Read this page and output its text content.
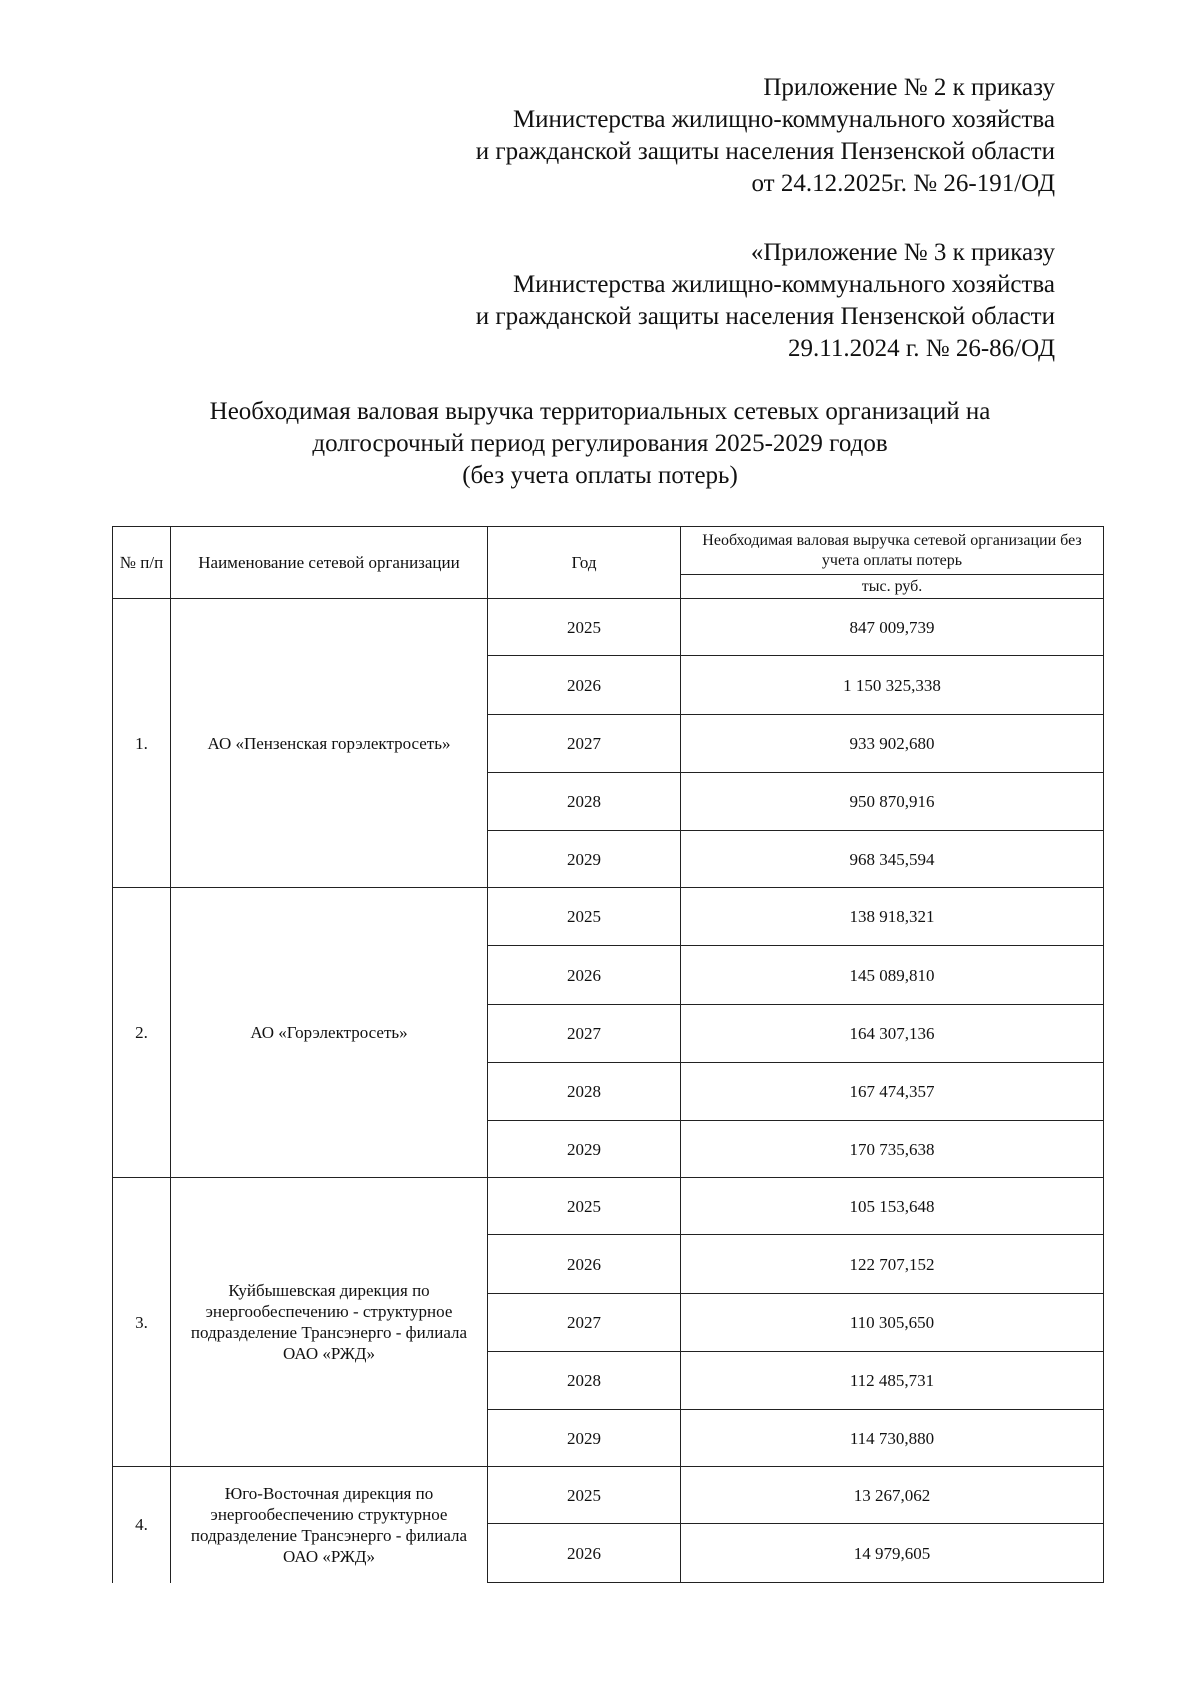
Приложение № 2 к приказу
Министерства жилищно-коммунального хозяйства
и гражданской защиты населения Пензенской области
от 24.12.2025г. № 26-191/ОД
«Приложение № 3 к приказу
Министерства жилищно-коммунального хозяйства
и гражданской защиты населения Пензенской области
29.11.2024 г. № 26-86/ОД
Необходимая валовая выручка территориальных сетевых организаций на
долгосрочный период регулирования 2025-2029 годов
(без учета оплаты потерь)
№ п/п	Наименование сетевой организации	Год	Необходимая валовая выручка сетевой организации без учета оплаты потерь
			тыс. руб.
1.	АО «Пензенская горэлектросеть»	2025	847 009,739
		2026	1 150 325,338
		2027	933 902,680
		2028	950 870,916
		2029	968 345,594
2.	АО «Горэлектросеть»	2025	138 918,321
		2026	145 089,810
		2027	164 307,136
		2028	167 474,357
		2029	170 735,638
3.	Куйбышевская дирекция по энергообеспечению - структурное подразделение Трансэнерго - филиала ОАО «РЖД»	2025	105 153,648
		2026	122 707,152
		2027	110 305,650
		2028	112 485,731
		2029	114 730,880
4.	Юго-Восточная дирекция по энергообеспечению структурное подразделение Трансэнерго - филиала ОАО «РЖД»	2025	13 267,062
		2026	14 979,605
